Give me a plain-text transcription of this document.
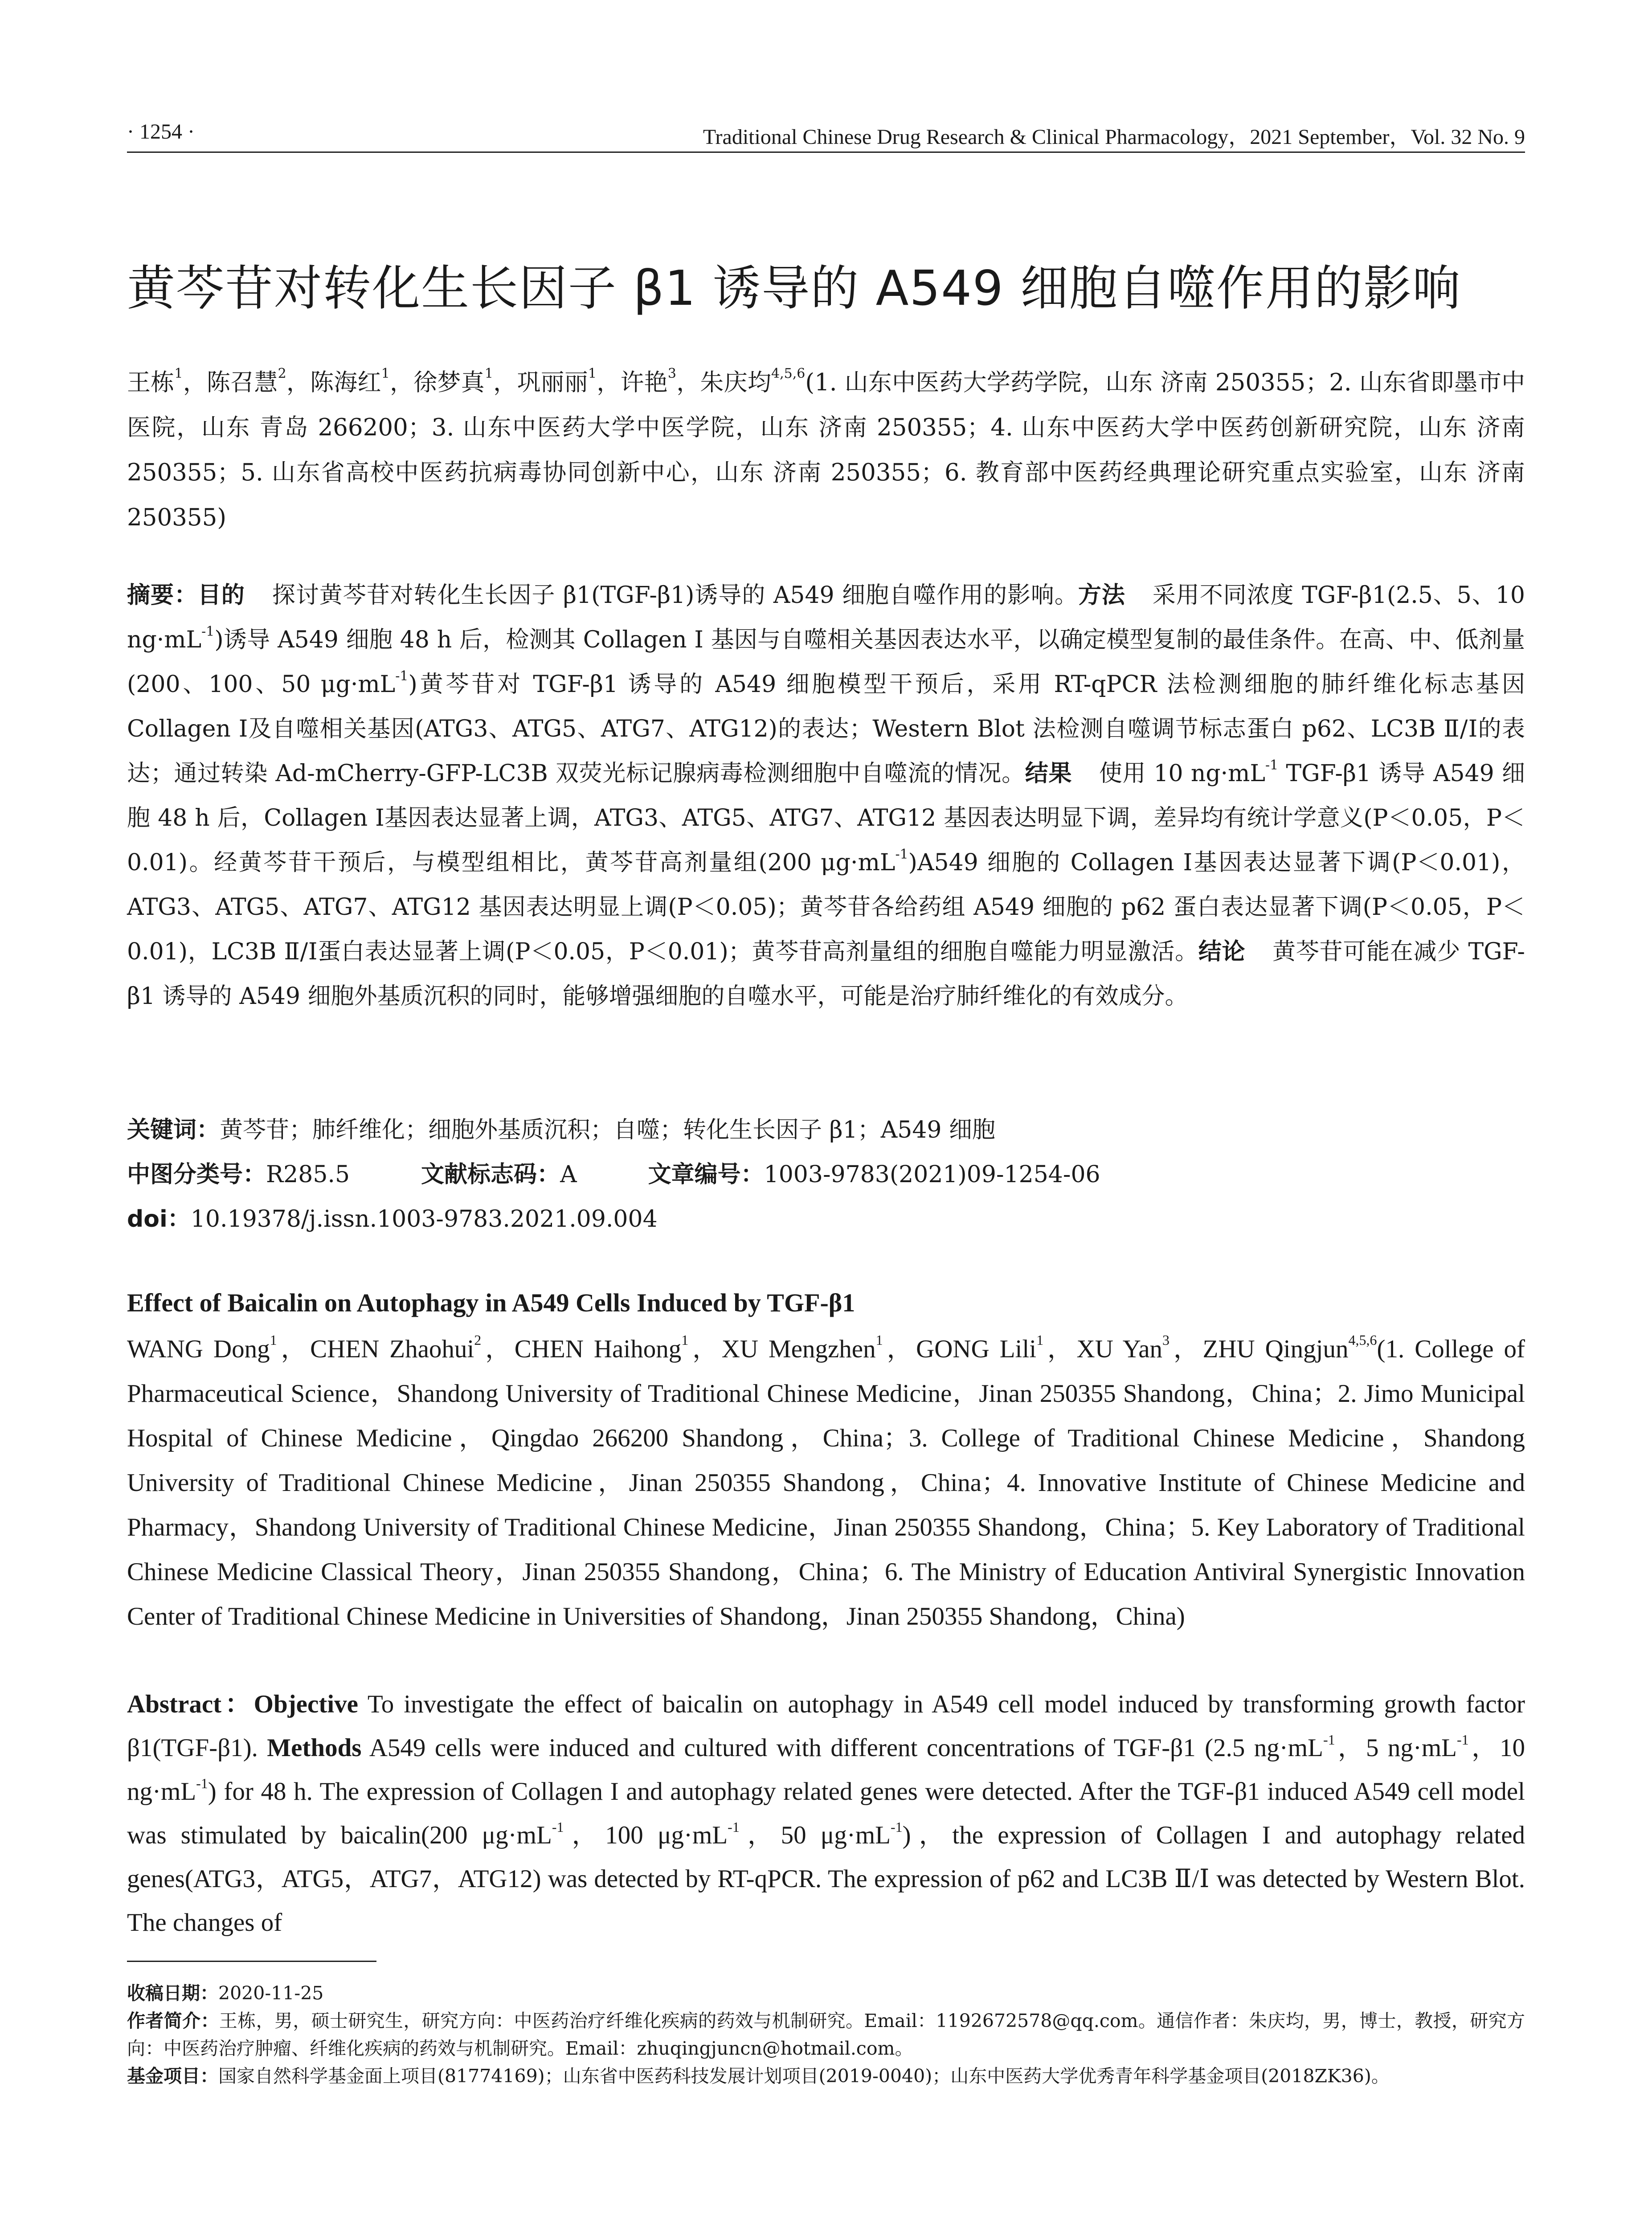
· 1254 ·	Traditional Chinese Drug Research & Clinical Pharmacology，2021 September，Vol. 32 No. 9
黄芩苷对转化生长因子 β1 诱导的 A549 细胞自噬作用的影响
王栋$^1$，陈召慧$^2$，陈海红$^1$，徐梦真$^1$，巩丽丽$^1$，许艳$^3$，朱庆均$^{4,5,6}$(1. 山东中医药大学药学院，山东 济南 250355；2. 山东省即墨市中医院，山东 青岛 266200；3. 山东中医药大学中医学院，山东 济南 250355；4. 山东中医药大学中医药创新研究院，山东 济南 250355；5. 山东省高校中医药抗病毒协同创新中心，山东 济南 250355；6. 教育部中医药经典理论研究重点实验室，山东 济南 250355)
摘要：目的 探讨黄芩苷对转化生长因子 β1(TGF-β1)诱导的 A549 细胞自噬作用的影响。方法 采用不同浓度 TGF-β1(2.5、5、10 $ng\cdot mL^{-1}$)诱导 A549 细胞 48 h 后，检测其 Collagen I 基因与自噬相关基因表达水平，以确定模型复制的最佳条件。在高、中、低剂量(200、100、50 $\mu g\cdot mL^{-1}$)黄芩苷对 TGF-β1 诱导的 A549 细胞模型干预后，采用 RT-qPCR 法检测细胞的肺纤维化标志基因 Collagen Ⅰ及自噬相关基因(ATG3、ATG5、ATG7、ATG12)的表达；Western Blot 法检测自噬调节标志蛋白 p62、LC3B Ⅱ/Ⅰ的表达；通过转染 Ad-mCherry-GFP-LC3B 双荧光标记腺病毒检测细胞中自噬流的情况。结果 使用 10 $ng\cdot mL^{-1}$ TGF-β1 诱导 A549 细胞 48 h 后，Collagen Ⅰ基因表达显著上调，ATG3、ATG5、ATG7、ATG12 基因表达明显下调，差异均有统计学意义(P＜0.05，P＜0.01)。经黄芩苷干预后，与模型组相比，黄芩苷高剂量组(200 $\mu g\cdot mL^{-1})A549$ 细胞的 Collagen Ⅰ基因表达显著下调(P＜0.01)，ATG3、ATG5、ATG7、ATG12 基因表达明显上调(P＜0.05)；黄芩苷各给药组 A549 细胞的 p62 蛋白表达显著下调(P＜0.05，P＜0.01)，LC3B Ⅱ/Ⅰ蛋白表达显著上调(P＜0.05，P＜0.01)；黄芩苷高剂量组的细胞自噬能力明显激活。结论 黄芩苷可能在减少 TGF-β1 诱导的 A549 细胞外基质沉积的同时，能够增强细胞的自噬水平，可能是治疗肺纤维化的有效成分。
关键词：黄芩苷；肺纤维化；细胞外基质沉积；自噬；转化生长因子 β1；A549 细胞
中图分类号：R285.5	文献标志码：A	文章编号：1003-9783(2021)09-1254-06
doi：10.19378/j.issn.1003-9783.2021.09.004
Effect of Baicalin on Autophagy in A549 Cells Induced by TGF-β1
WANG Dong$^1$，CHEN Zhaohui$^2$，CHEN Haihong$^1$，XU Mengzhen$^1$，GONG Lili$^1$，XU Yan$^3$，ZHU Qingjun$^{4,5,6}$(1. College of Pharmaceutical Science，Shandong University of Traditional Chinese Medicine，Jinan 250355 Shandong，China；2. Jimo Municipal Hospital of Chinese Medicine，Qingdao 266200 Shandong，China；3. College of Traditional Chinese Medicine，Shandong University of Traditional Chinese Medicine，Jinan 250355 Shandong，China；4. Innovative Institute of Chinese Medicine and Pharmacy，Shandong University of Traditional Chinese Medicine，Jinan 250355 Shandong，China；5. Key Laboratory of Traditional Chinese Medicine Classical Theory，Jinan 250355 Shandong，China；6. The Ministry of Education Antiviral Synergistic Innovation Center of Traditional Chinese Medicine in Universities of Shandong，Jinan 250355 Shandong，China)
Abstract：Objective To investigate the effect of baicalin on autophagy in A549 cell model induced by transforming growth factor β1(TGF-β1). Methods A549 cells were induced and cultured with different concentrations of TGF-β1 (2.5 $ng\cdot mL^{-1}$，5 $ng\cdot mL^{-1}$，10 $ng\cdot mL^{-1}$) for 48 h. The expression of Collagen I and autophagy related genes were detected. After the TGF-β1 induced A549 cell model was stimulated by baicalin(200 $\mu g\cdot mL^{-1}$，100 $\mu g\cdot mL^{-1}$，50 $\mu g\cdot mL^{-1}$)，the expression of Collagen I and autophagy related genes(ATG3，ATG5，ATG7，ATG12) was detected by RT-qPCR. The expression of p62 and LC3B Ⅱ/Ⅰ was detected by Western Blot. The changes of

收稿日期：2020-11-25

作者简介：王栋，男，硕士研究生，研究方向：中医药治疗纤维化疾病的药效与机制研究。Email：1192672578@qq.com。通信作者：朱庆均，男，博士，教授，研究方向：中医药治疗肿瘤、纤维化疾病的药效与机制研究。Email：zhuqingjuncn@hotmail.com。

基金项目：国家自然科学基金面上项目(81774169)；山东省中医药科技发展计划项目(2019-0040)；山东中医药大学优秀青年科学基金项目(2018ZK36)。
